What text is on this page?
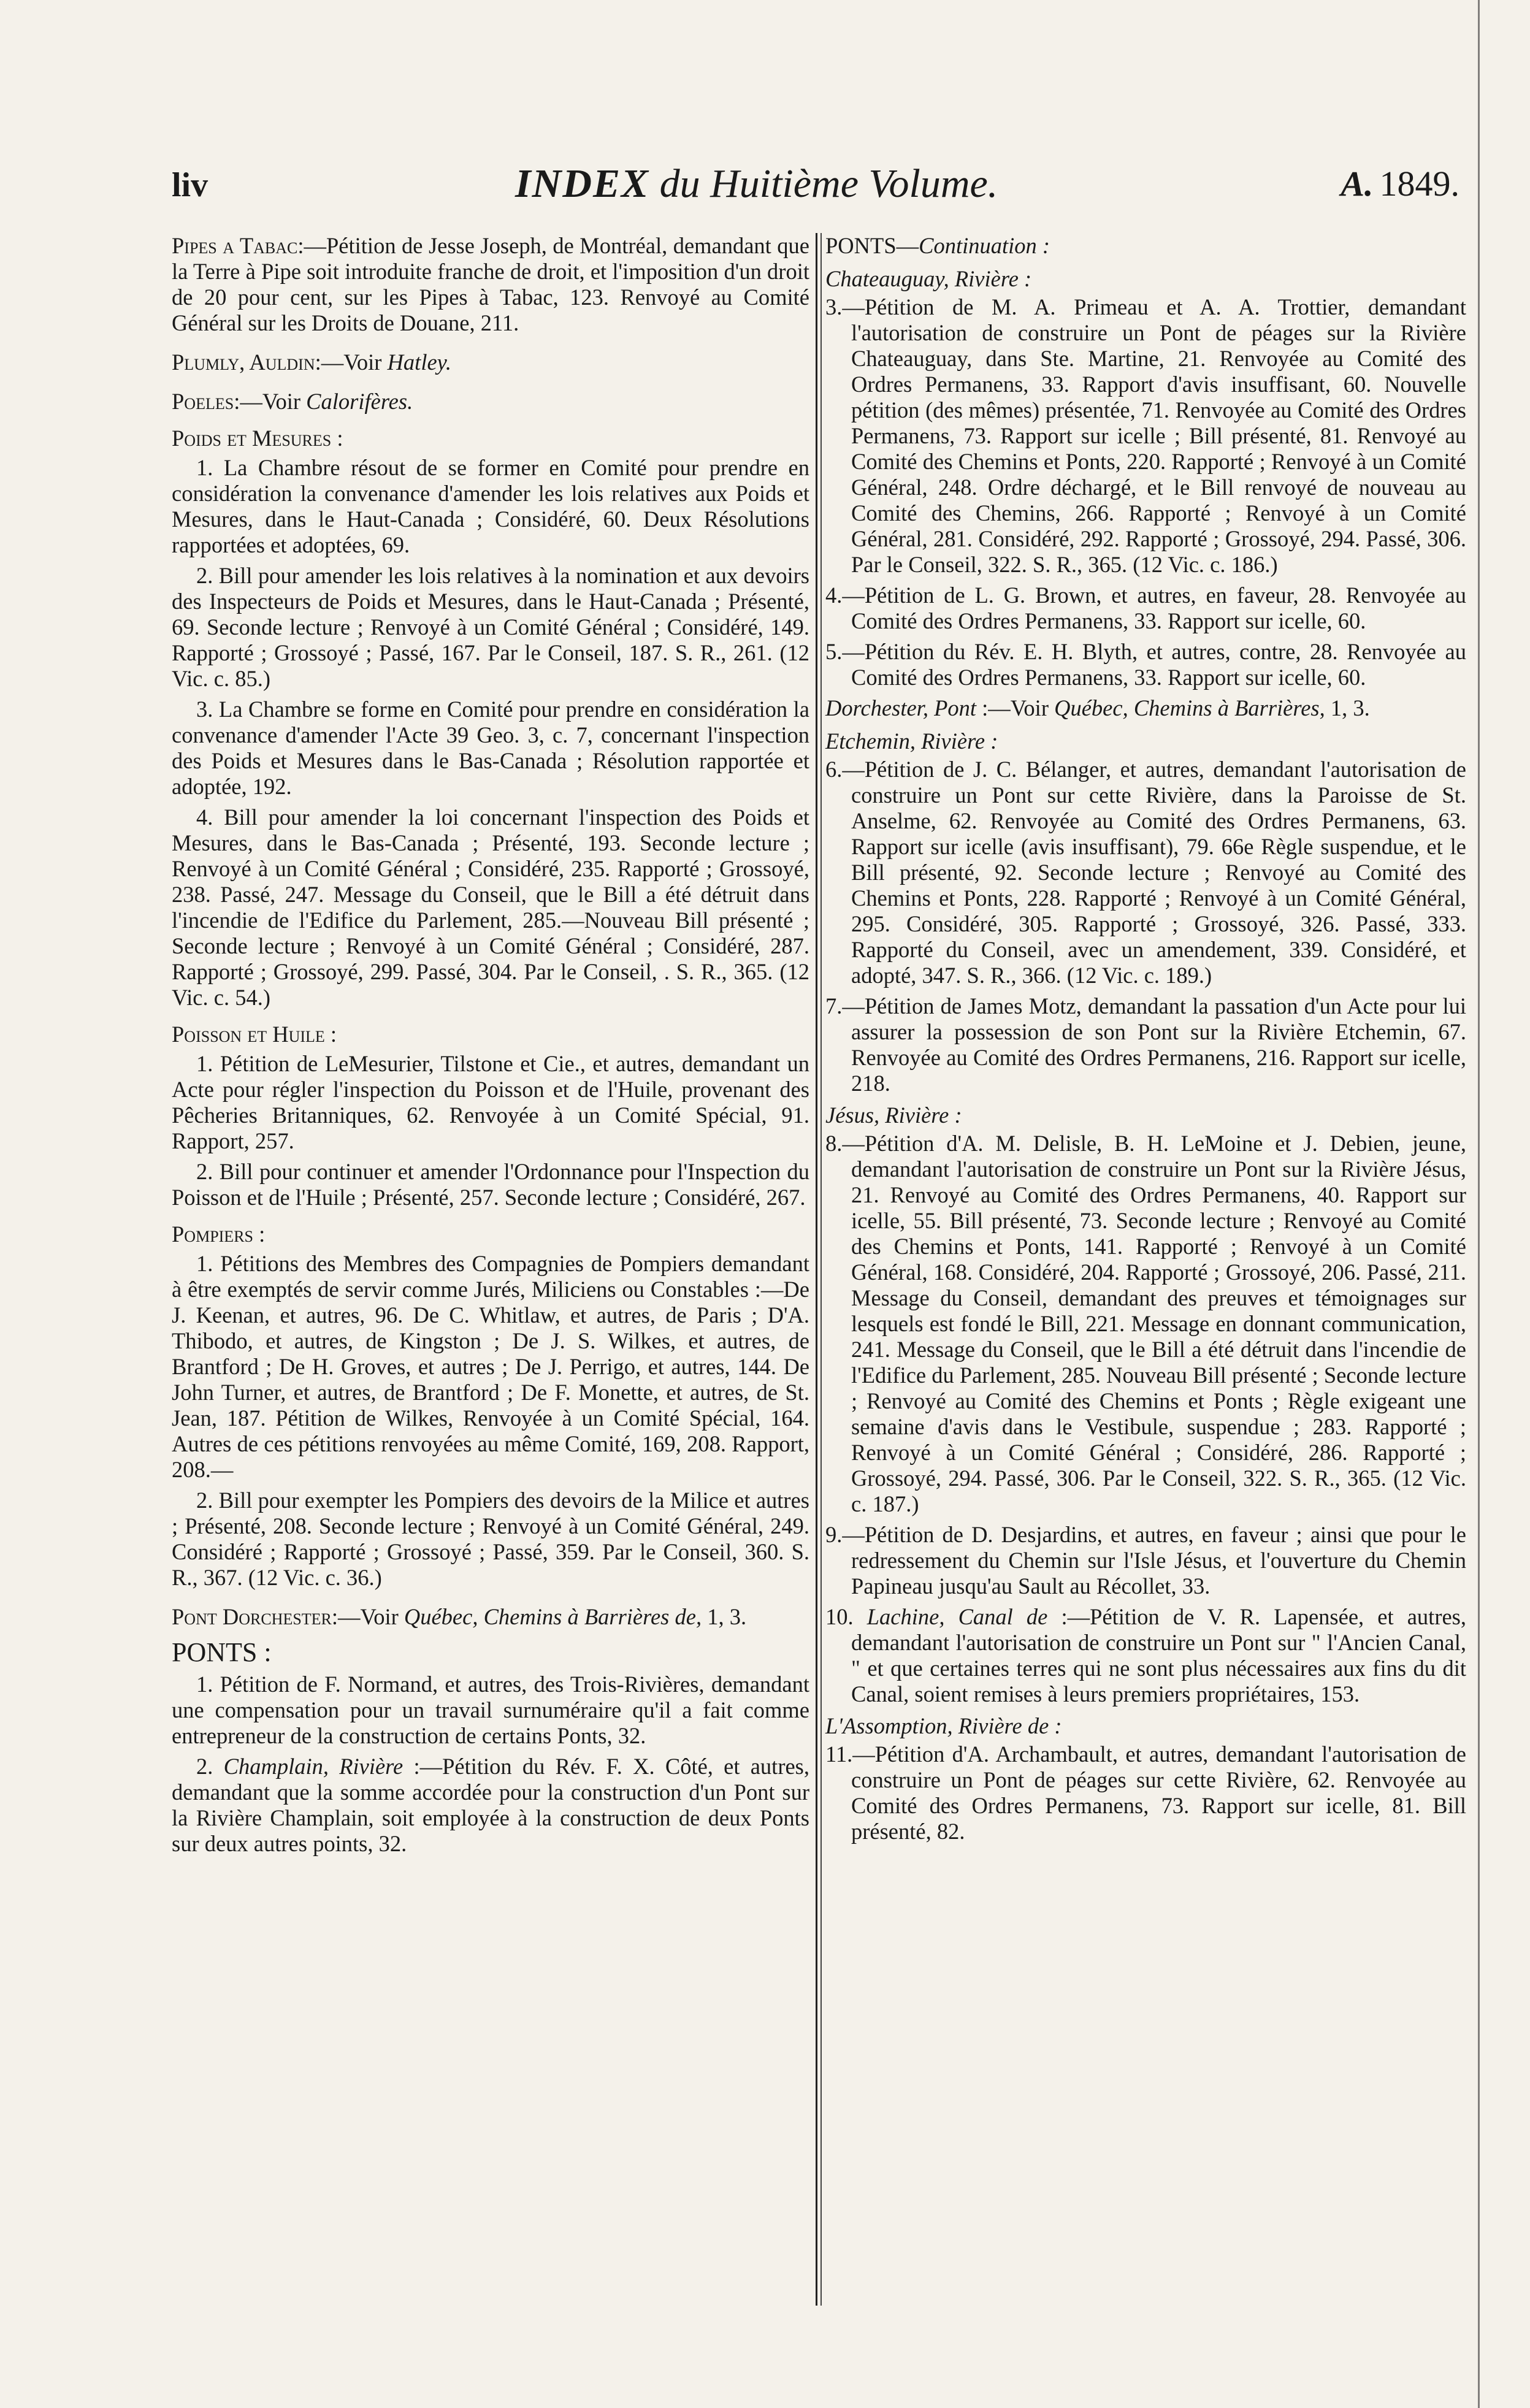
liv	INDEX du Huitième Volume.	A. 1849.

Pipes a Tabac:—Pétition de Jesse Joseph, de Montréal, demandant que la Terre à Pipe soit introduite franche de droit, et l'imposition d'un droit de 20 pour cent, sur les Pipes à Tabac, 123. Renvoyé au Comité Général sur les Droits de Douane, 211.

Plumly, Auldin:—Voir Hatley.

Poeles:—Voir Calorifères.

Poids et Mesures :

1. La Chambre résout de se former en Comité pour prendre en considération la convenance d'amender les lois relatives aux Poids et Mesures, dans le Haut-Canada ; Considéré, 60. Deux Résolutions rapportées et adoptées, 69.

2. Bill pour amender les lois relatives à la nomination et aux devoirs des Inspecteurs de Poids et Mesures, dans le Haut-Canada ; Présenté, 69. Seconde lecture ; Renvoyé à un Comité Général ; Considéré, 149. Rapporté ; Grossoyé ; Passé, 167. Par le Conseil, 187. S. R., 261. (12 Vic. c. 85.)

3. La Chambre se forme en Comité pour prendre en considération la convenance d'amender l'Acte 39 Geo. 3, c. 7, concernant l'inspection des Poids et Mesures dans le Bas-Canada ; Résolution rapportée et adoptée, 192.

4. Bill pour amender la loi concernant l'inspection des Poids et Mesures, dans le Bas-Canada ; Présenté, 193. Seconde lecture ; Renvoyé à un Comité Général ; Considéré, 235. Rapporté ; Grossoyé, 238. Passé, 247. Message du Conseil, que le Bill a été détruit dans l'incendie de l'Edifice du Parlement, 285.—Nouveau Bill présenté ; Seconde lecture ; Renvoyé à un Comité Général ; Considéré, 287. Rapporté ; Grossoyé, 299. Passé, 304. Par le Conseil, . S. R., 365. (12 Vic. c. 54.)

Poisson et Huile :

1. Pétition de LeMesurier, Tilstone et Cie., et autres, demandant un Acte pour régler l'inspection du Poisson et de l'Huile, provenant des Pêcheries Britanniques, 62. Renvoyée à un Comité Spécial, 91. Rapport, 257.

2. Bill pour continuer et amender l'Ordonnance pour l'Inspection du Poisson et de l'Huile ; Présenté, 257. Seconde lecture ; Considéré, 267.

Pompiers :

1. Pétitions des Membres des Compagnies de Pompiers demandant à être exemptés de servir comme Jurés, Miliciens ou Constables :—De J. Keenan, et autres, 96. De C. Whitlaw, et autres, de Paris ; D'A. Thibodo, et autres, de Kingston ; De J. S. Wilkes, et autres, de Brantford ; De H. Groves, et autres ; De J. Perrigo, et autres, 144. De John Turner, et autres, de Brantford ; De F. Monette, et autres, de St. Jean, 187. Pétition de Wilkes, Renvoyée à un Comité Spécial, 164. Autres de ces pétitions renvoyées au même Comité, 169, 208. Rapport, 208.—

2. Bill pour exempter les Pompiers des devoirs de la Milice et autres ; Présenté, 208. Seconde lecture ; Renvoyé à un Comité Général, 249. Considéré ; Rapporté ; Grossoyé ; Passé, 359. Par le Conseil, 360. S. R., 367. (12 Vic. c. 36.)

Pont Dorchester:—Voir Québec, Chemins à Barrières de, 1, 3.

PONTS :

1. Pétition de F. Normand, et autres, des Trois-Rivières, demandant une compensation pour un travail surnuméraire qu'il a fait comme entrepreneur de la construction de certains Ponts, 32.

2. Champlain, Rivière :—Pétition du Rév. F. X. Côté, et autres, demandant que la somme accordée pour la construction d'un Pont sur la Rivière Champlain, soit employée à la construction de deux Ponts sur deux autres points, 32.

PONTS—Continuation :
Chateauguay, Rivière :

3.—Pétition de M. A. Primeau et A. A. Trottier, demandant l'autorisation de construire un Pont de péages sur la Rivière Chateauguay, dans Ste. Martine, 21. Renvoyée au Comité des Ordres Permanens, 33. Rapport d'avis insuffisant, 60. Nouvelle pétition (des mêmes) présentée, 71. Renvoyée au Comité des Ordres Permanens, 73. Rapport sur icelle ; Bill présenté, 81. Renvoyé au Comité des Chemins et Ponts, 220. Rapporté ; Renvoyé à un Comité Général, 248. Ordre déchargé, et le Bill renvoyé de nouveau au Comité des Chemins, 266. Rapporté ; Renvoyé à un Comité Général, 281. Considéré, 292. Rapporté ; Grossoyé, 294. Passé, 306. Par le Conseil, 322. S. R., 365. (12 Vic. c. 186.)

4.—Pétition de L. G. Brown, et autres, en faveur, 28. Renvoyée au Comité des Ordres Permanens, 33. Rapport sur icelle, 60.

5.—Pétition du Rév. E. H. Blyth, et autres, contre, 28. Renvoyée au Comité des Ordres Permanens, 33. Rapport sur icelle, 60.

Dorchester, Pont :—Voir Québec, Chemins à Barrières, 1, 3.

Etchemin, Rivière :

6.—Pétition de J. C. Bélanger, et autres, demandant l'autorisation de construire un Pont sur cette Rivière, dans la Paroisse de St. Anselme, 62. Renvoyée au Comité des Ordres Permanens, 63. Rapport sur icelle (avis insuffisant), 79. 66e Règle suspendue, et le Bill présenté, 92. Seconde lecture ; Renvoyé au Comité des Chemins et Ponts, 228. Rapporté ; Renvoyé à un Comité Général, 295. Considéré, 305. Rapporté ; Grossoyé, 326. Passé, 333. Rapporté du Conseil, avec un amendement, 339. Considéré, et adopté, 347. S. R., 366. (12 Vic. c. 189.)

7.—Pétition de James Motz, demandant la passation d'un Acte pour lui assurer la possession de son Pont sur la Rivière Etchemin, 67. Renvoyée au Comité des Ordres Permanens, 216. Rapport sur icelle, 218.

Jésus, Rivière :

8.—Pétition d'A. M. Delisle, B. H. LeMoine et J. Debien, jeune, demandant l'autorisation de construire un Pont sur la Rivière Jésus, 21. Renvoyé au Comité des Ordres Permanens, 40. Rapport sur icelle, 55. Bill présenté, 73. Seconde lecture ; Renvoyé au Comité des Chemins et Ponts, 141. Rapporté ; Renvoyé à un Comité Général, 168. Considéré, 204. Rapporté ; Grossoyé, 206. Passé, 211. Message du Conseil, demandant des preuves et témoignages sur lesquels est fondé le Bill, 221. Message en donnant communication, 241. Message du Conseil, que le Bill a été détruit dans l'incendie de l'Edifice du Parlement, 285. Nouveau Bill présenté ; Seconde lecture ; Renvoyé au Comité des Chemins et Ponts ; Règle exigeant une semaine d'avis dans le Vestibule, suspendue ; 283. Rapporté ; Renvoyé à un Comité Général ; Considéré, 286. Rapporté ; Grossoyé, 294. Passé, 306. Par le Conseil, 322. S. R., 365. (12 Vic. c. 187.)

9.—Pétition de D. Desjardins, et autres, en faveur ; ainsi que pour le redressement du Chemin sur l'Isle Jésus, et l'ouverture du Chemin Papineau jusqu'au Sault au Récollet, 33.

10. Lachine, Canal de :—Pétition de V. R. Lapensée, et autres, demandant l'autorisation de construire un Pont sur " l'Ancien Canal, " et que certaines terres qui ne sont plus nécessaires aux fins du dit Canal, soient remises à leurs premiers propriétaires, 153.

L'Assomption, Rivière de :

11.—Pétition d'A. Archambault, et autres, demandant l'autorisation de construire un Pont de péages sur cette Rivière, 62. Renvoyée au Comité des Ordres Permanens, 73. Rapport sur icelle, 81. Bill présenté, 82.
